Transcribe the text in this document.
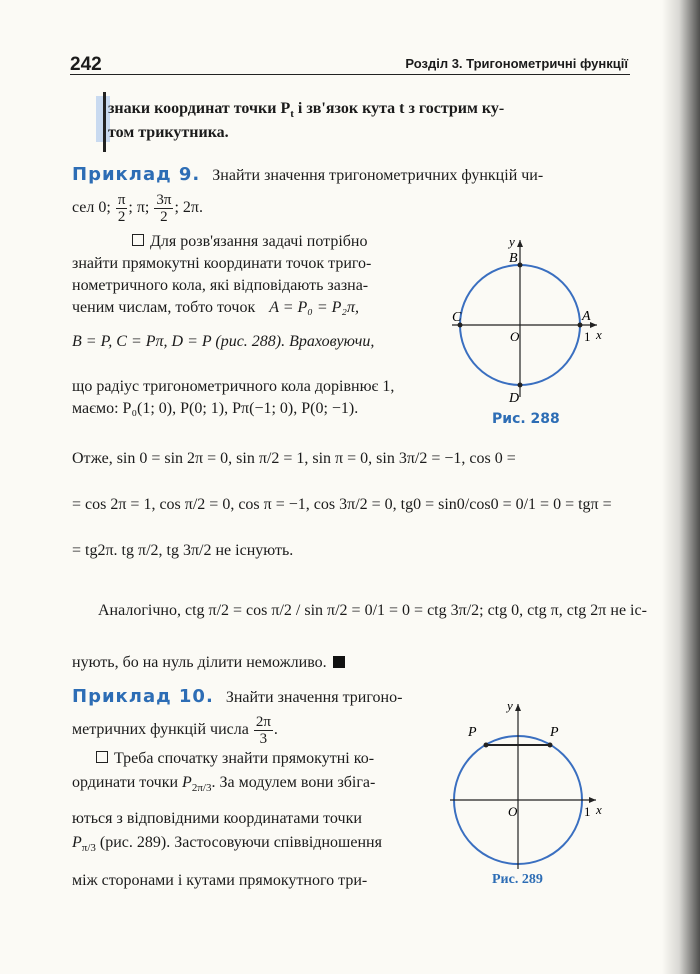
242	Розділ 3. Тригонометричні функції
знаки координат точки $P_t$ і зв'язок кута t з гострим ку-
том трикутника.
Приклад 9. Знайти значення тригонометричних функцій чи-
сел 0; $\frac{\pi}{2}$ ; π; $\frac{3\pi}{2}$ ; 2π.
Для розв'язання задачі потрібно
знайти прямокутні координати точок триго-
нометричного кола, які відповідають зазна-
ченим числам, тобто точок A = P₀ = P₂π,
B = P, C = Pπ, D = P (рис. 288). Враховуючи,
що радіус тригонометричного кола дорівнює 1,
маємо: P₀(1; 0), P(0; 1), Pπ(−1; 0), P(0; −1).
Отже, sin 0 = sin 2π = 0, sin π/2 = 1, sin π = 0, sin 3π/2 = −1, cos 0 =
= cos 2π = 1, cos π/2 = 0, cos π = −1, cos 3π/2 = 0, tg0 = sin0/cos0 = 0/1 = 0 = tgπ =
= tg2π. tg π/2, tg 3π/2 не існують.
Аналогічно, ctg π/2 = cos π/2 / sin π/2 = 0/1 = 0 = ctg 3π/2; ctg 0, ctg π, ctg 2π не іс-
нують, бо на нуль ділити неможливо.
Приклад 10. Знайти значення тригоно-
метричних функцій числа $\frac{2\pi}{3}$ .
Треба спочатку знайти прямокутні ко-
ординати точки $P_{2\pi/3}$. За модулем вони збіга-
ються з відповідними координатами точки
$P_{\pi/3}$ (рис. 289). Застосовуючи співвідношення
між сторонами і кутами прямокутного три-
y
x
O	1
A
B
C
D
Рис. 288
y
x
O	1
P	P
Рис. 289
